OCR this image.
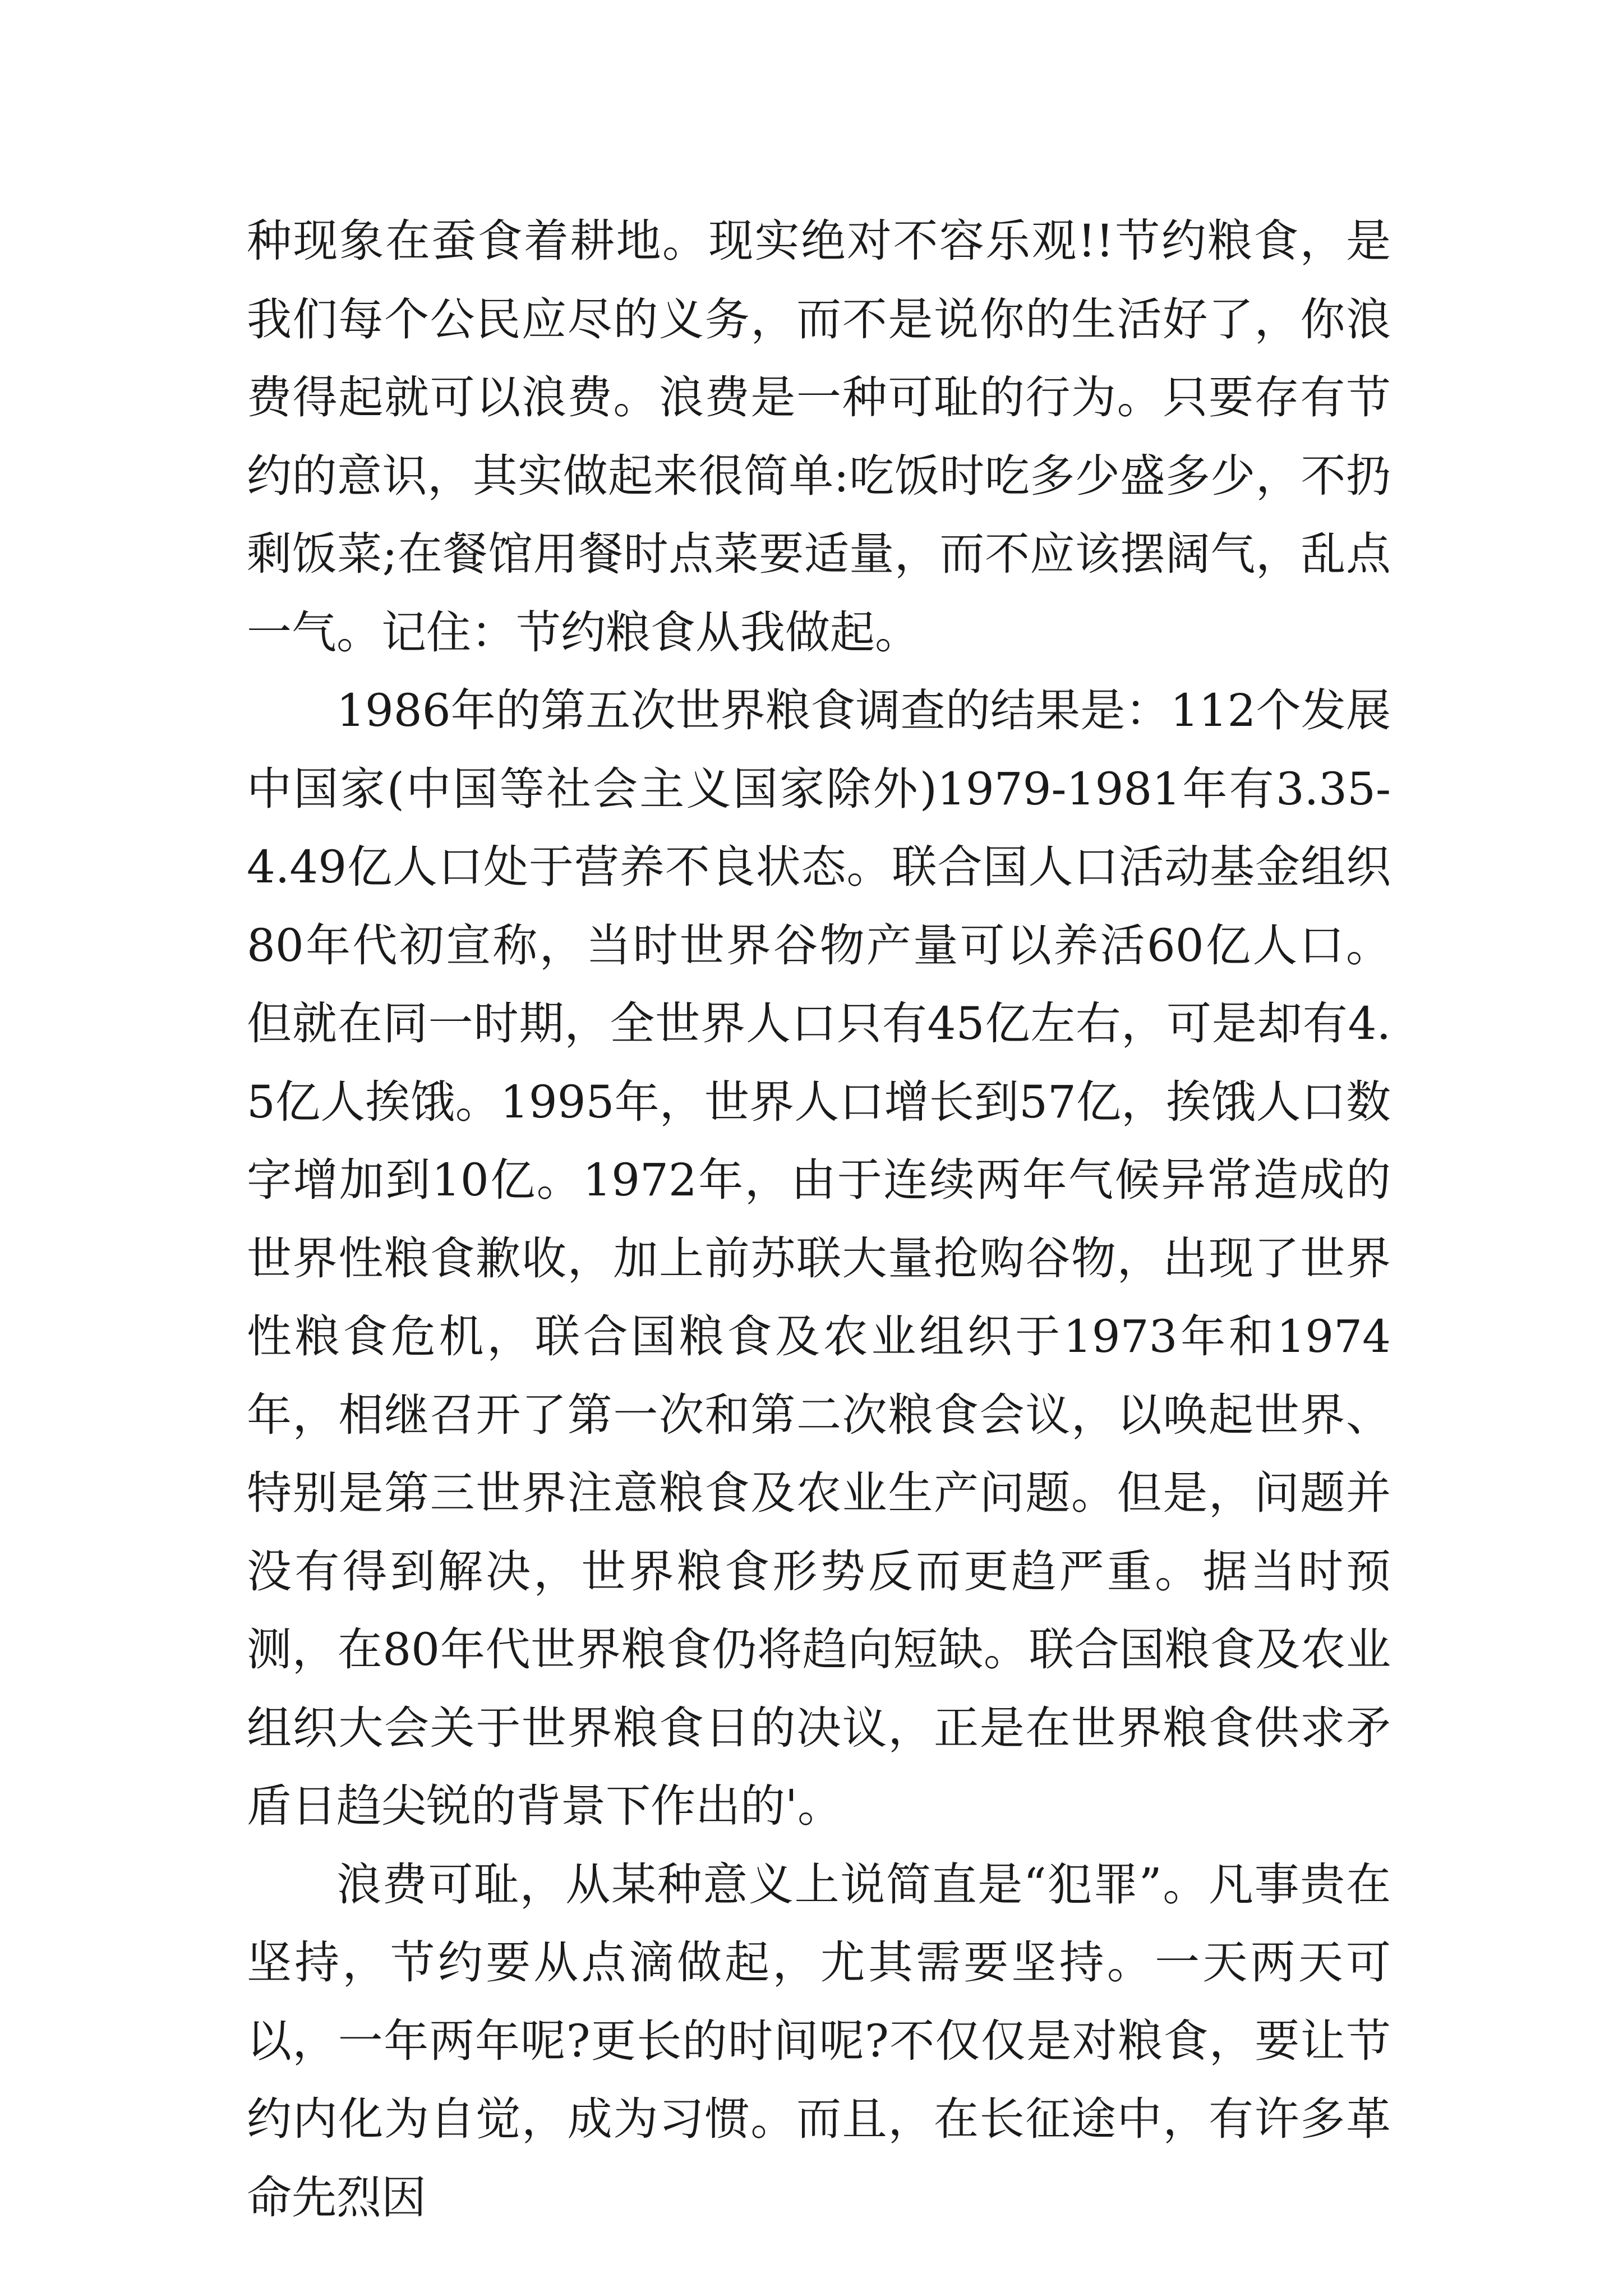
种现象在蚕食着耕地。现实绝对不容乐观!!节约粮食，是我们每个公民应尽的义务，而不是说你的生活好了，你浪费得起就可以浪费。浪费是一种可耻的行为。只要存有节约的意识，其实做起来很简单:吃饭时吃多少盛多少，不扔剩饭菜;在餐馆用餐时点菜要适量，而不应该摆阔气，乱点一气。记住：节约粮食从我做起。

1986年的第五次世界粮食调查的结果是：112个发展中国家(中国等社会主义国家除外)1979-1981年有3.35-4.49亿人口处于营养不良状态。联合国人口活动基金组织80年代初宣称，当时世界谷物产量可以养活60亿人口。但就在同一时期，全世界人口只有45亿左右，可是却有4.5亿人挨饿。1995年，世界人口增长到57亿，挨饿人口数字增加到10亿。1972年，由于连续两年气候异常造成的世界性粮食歉收，加上前苏联大量抢购谷物，出现了世界性粮食危机，联合国粮食及农业组织于1973年和1974年，相继召开了第一次和第二次粮食会议，以唤起世界、特别是第三世界注意粮食及农业生产问题。但是，问题并没有得到解决，世界粮食形势反而更趋严重。据当时预测，在80年代世界粮食仍将趋向短缺。联合国粮食及农业组织大会关于世界粮食日的决议，正是在世界粮食供求矛盾日趋尖锐的背景下作出的'。

浪费可耻，从某种意义上说简直是“犯罪”。凡事贵在坚持，节约要从点滴做起，尤其需要坚持。一天两天可以，一年两年呢?更长的时间呢?不仅仅是对粮食，要让节约内化为自觉，成为习惯。而且，在长征途中，有许多革命先烈因
